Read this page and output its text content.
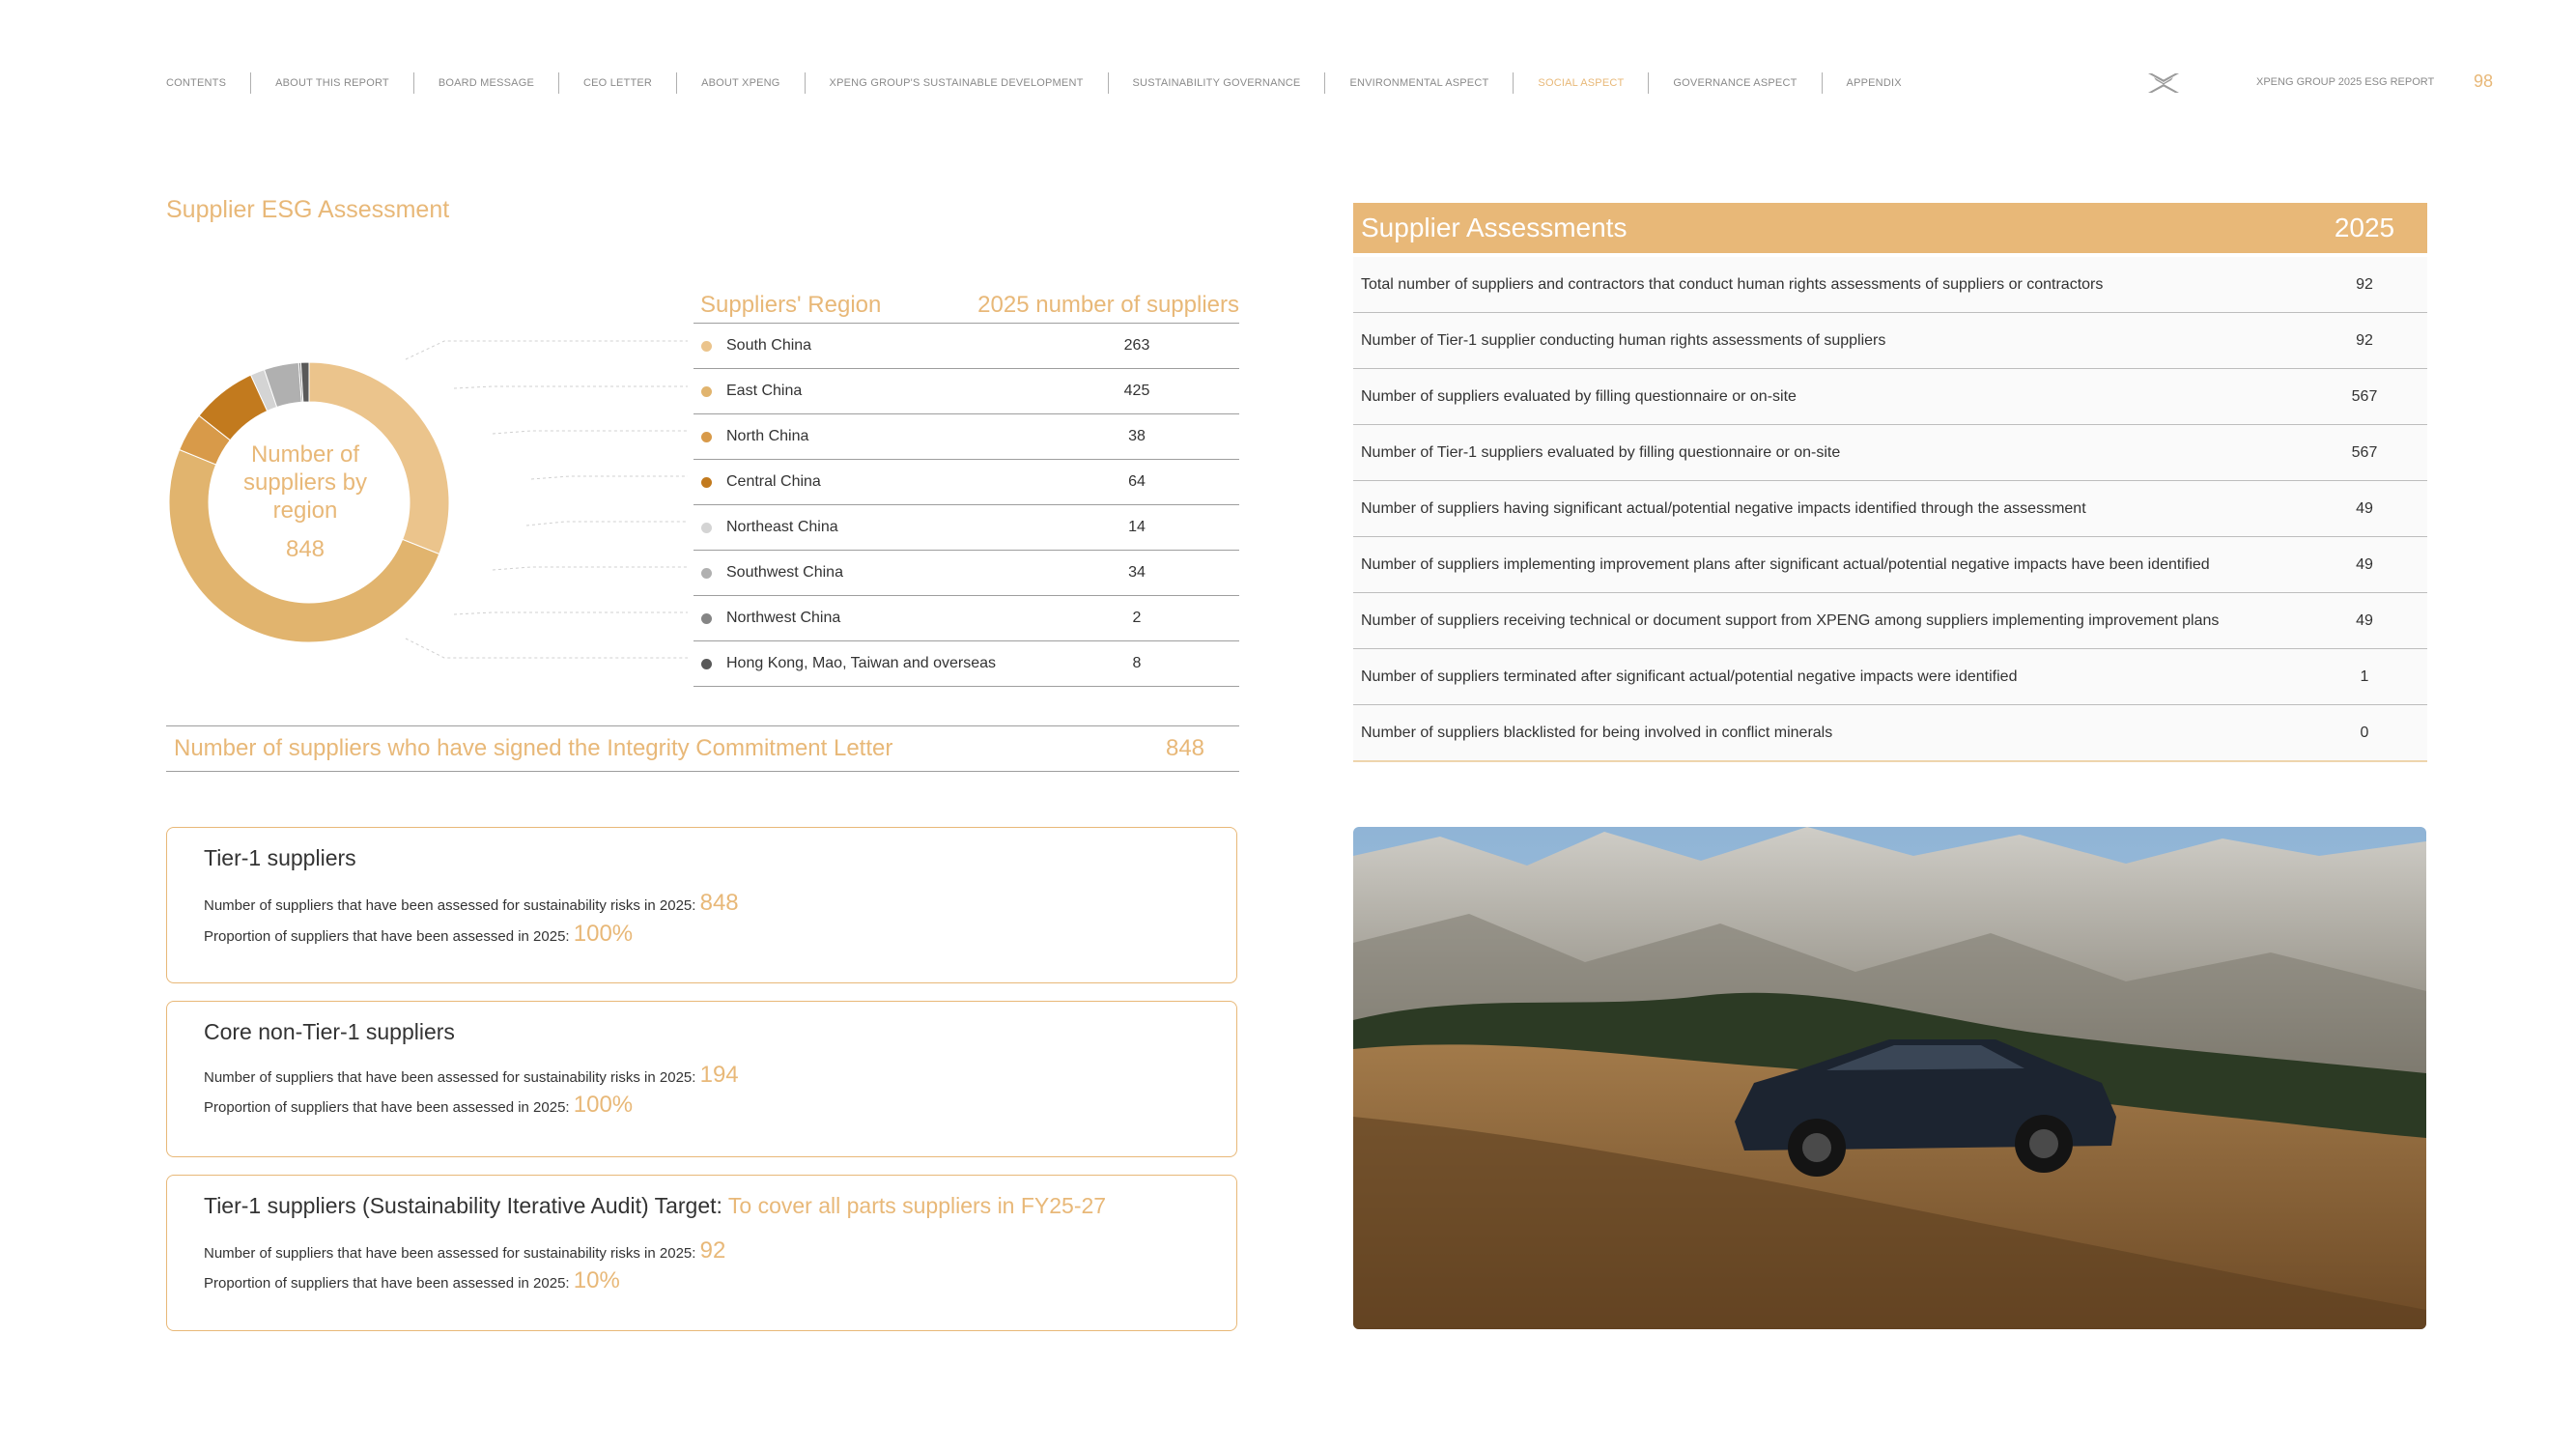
CONTENTS	ABOUT THIS REPORT	BOARD MESSAGE	CEO LETTER	ABOUT XPENG	XPENG GROUP'S SUSTAINABLE DEVELOPMENT	SUSTAINABILITY GOVERNANCE	ENVIRONMENTAL ASPECT	SOCIAL ASPECT	GOVERNANCE ASPECT	APPENDIX	XPENG GROUP 2025 ESG REPORT 98
Supplier ESG Assessment
Number of suppliers by region
848
Suppliers' Region	2025 number of suppliers
South China	263
East China	425
North China	38
Central China	64
Northeast China	14
Southwest China	34
Northwest China	2
Hong Kong, Mao, Taiwan and overseas	8
Number of suppliers who have signed the Integrity Commitment Letter	848
Tier-1 suppliers
Number of suppliers that have been assessed for sustainability risks in 2025: 848
Proportion of suppliers that have been assessed in 2025: 100%
Core non-Tier-1 suppliers
Number of suppliers that have been assessed for sustainability risks in 2025: 194
Proportion of suppliers that have been assessed in 2025: 100%
Tier-1 suppliers (Sustainability Iterative Audit) Target: To cover all parts suppliers in FY25-27
Number of suppliers that have been assessed for sustainability risks in 2025: 92
Proportion of suppliers that have been assessed in 2025: 10%
Supplier Assessments	2025
Total number of suppliers and contractors that conduct human rights assessments of suppliers or contractors	92
Number of Tier-1 supplier conducting human rights assessments of suppliers	92
Number of suppliers evaluated by filling questionnaire or on-site	567
Number of Tier-1 suppliers evaluated by filling questionnaire or on-site	567
Number of suppliers having significant actual/potential negative impacts identified through the assessment	49
Number of suppliers implementing improvement plans after significant actual/potential negative impacts have been identified	49
Number of suppliers receiving technical or document support from XPENG among suppliers implementing improvement plans	49
Number of suppliers terminated after significant actual/potential negative impacts were identified	1
Number of suppliers blacklisted for being involved in conflict minerals	0
